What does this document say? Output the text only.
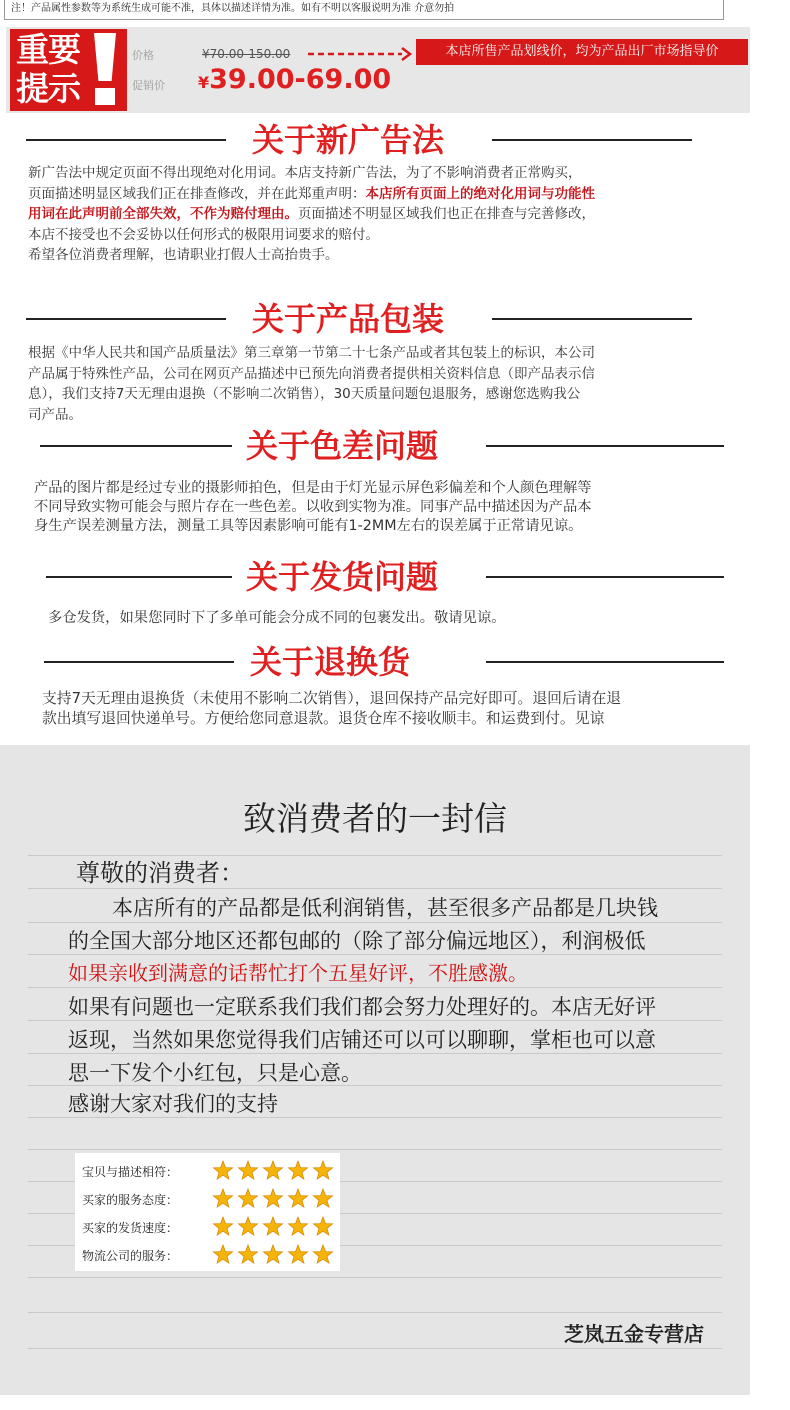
注！产品属性参数等为系统生成可能不准，具体以描述详情为准。如有不明以客服说明为准 介意勿拍
重要
提示
价格	¥70.00-150.00
促销价 ¥39.00-69.00
本店所售产品划线价，均为产品出厂市场指导价
关于新广告法
新广告法中规定页面不得出现绝对化用词。本店支持新广告法，为了不影响消费者正常购买，
页面描述明显区域我们正在排查修改，并在此郑重声明：本店所有页面上的绝对化用词与功能性
用词在此声明前全部失效，不作为赔付理由。页面描述不明显区域我们也正在排查与完善修改，
本店不接受也不会妥协以任何形式的极限用词要求的赔付。
希望各位消费者理解，也请职业打假人士高抬贵手。
关于产品包装
根据《中华人民共和国产品质量法》第三章第一节第二十七条产品或者其包装上的标识，本公司
产品属于特殊性产品，公司在网页产品描述中已预先向消费者提供相关资料信息（即产品表示信
息），我们支持7天无理由退换（不影响二次销售），30天质量问题包退服务，感谢您选购我公
司产品。
关于色差问题
产品的图片都是经过专业的摄影师拍色，但是由于灯光显示屏色彩偏差和个人颜色理解等
不同导致实物可能会与照片存在一些色差。以收到实物为准。同事产品中描述因为产品本
身生产误差测量方法，测量工具等因素影响可能有1-2MM左右的误差属于正常请见谅。
关于发货问题
多仓发货，如果您同时下了多单可能会分成不同的包裹发出。敬请见谅。
关于退换货
支持7天无理由退换货（未使用不影响二次销售），退回保持产品完好即可。退回后请在退
款出填写退回快递单号。方便给您同意退款。退货仓库不接收顺丰。和运费到付。见谅
致消费者的一封信
尊敬的消费者：
本店所有的产品都是低利润销售，甚至很多产品都是几块钱
的全国大部分地区还都包邮的（除了部分偏远地区），利润极低
如果亲收到满意的话帮忙打个五星好评，不胜感激。
如果有问题也一定联系我们我们都会努力处理好的。本店无好评
返现，当然如果您觉得我们店铺还可以可以聊聊，掌柜也可以意
思一下发个小红包，只是心意。
感谢大家对我们的支持
宝贝与描述相符：
买家的服务态度：
买家的发货速度：
物流公司的服务：
芝岚五金专营店
